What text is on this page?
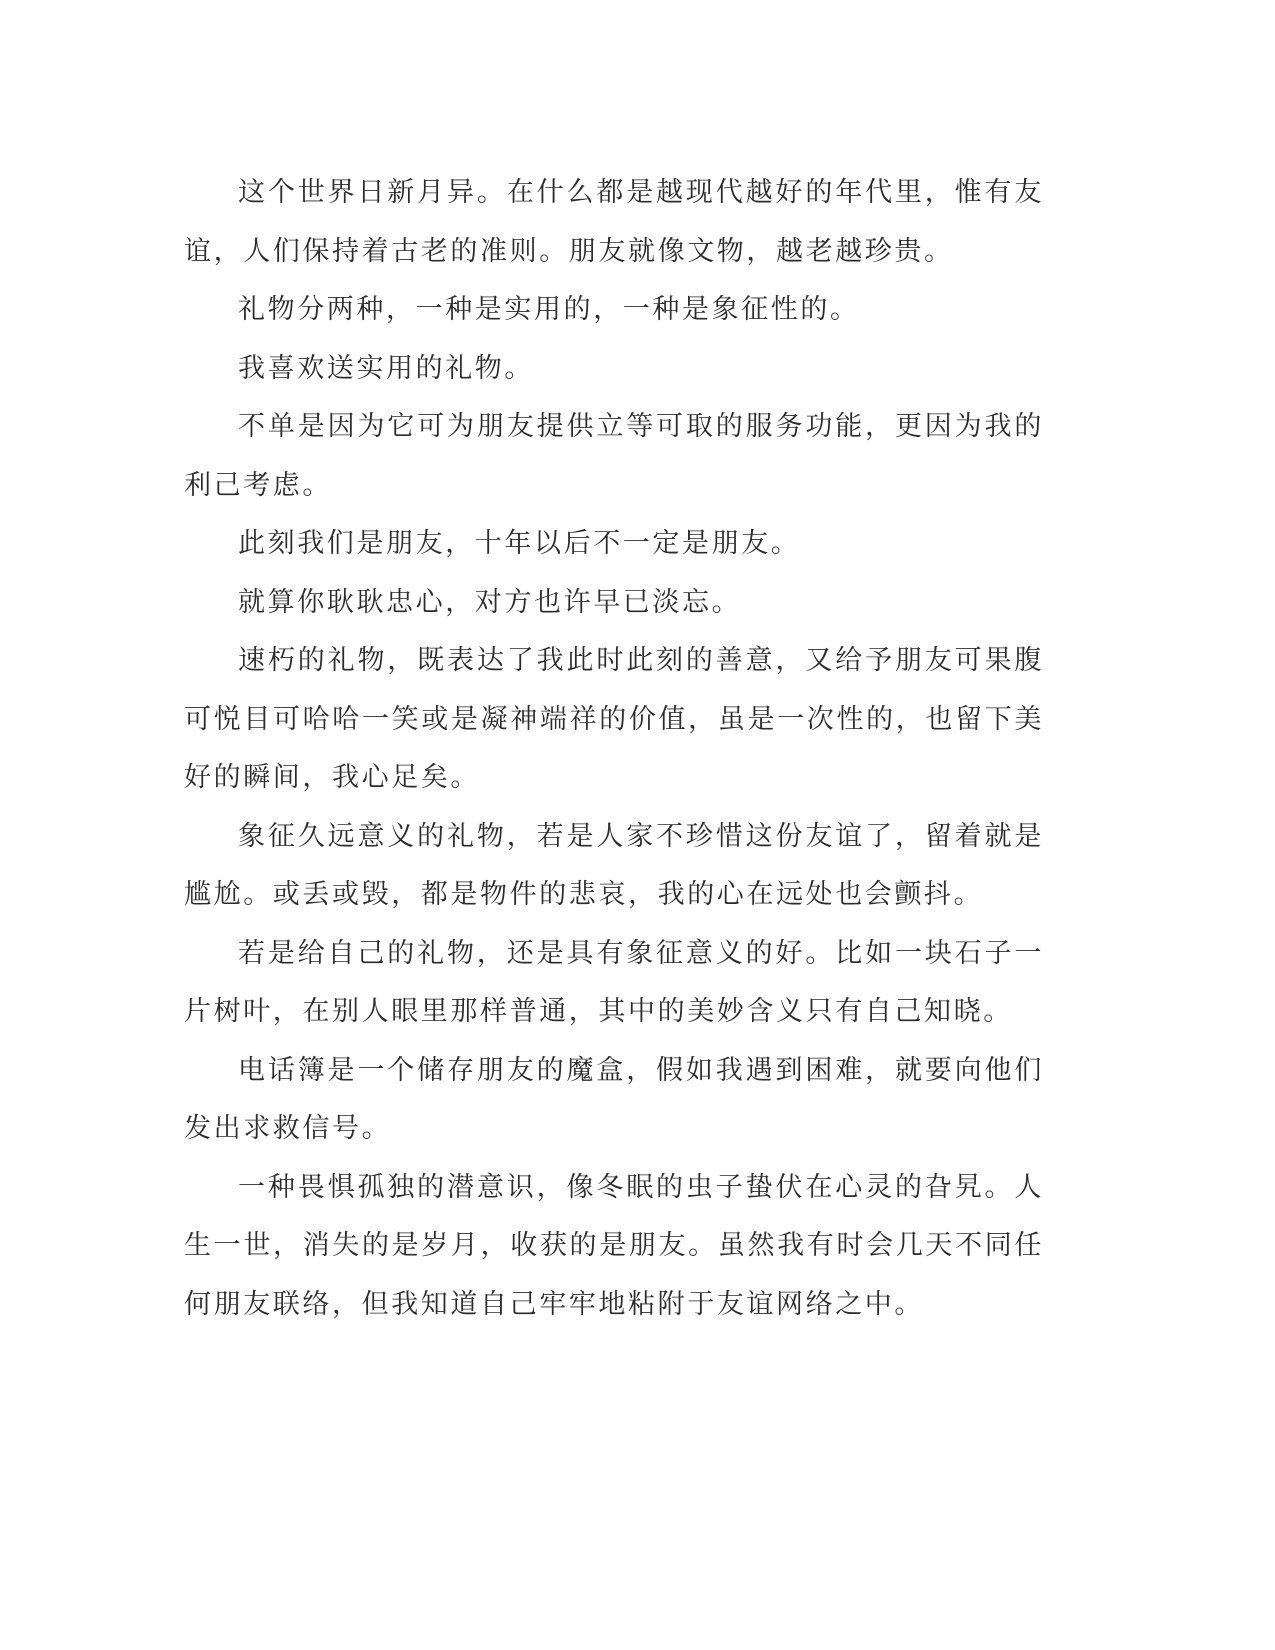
这个世界日新月异。在什么都是越现代越好的年代里，惟有友谊，人们保持着古老的准则。朋友就像文物，越老越珍贵。

礼物分两种，一种是实用的，一种是象征性的。

我喜欢送实用的礼物。

不单是因为它可为朋友提供立等可取的服务功能，更因为我的利己考虑。

此刻我们是朋友，十年以后不一定是朋友。

就算你耿耿忠心，对方也许早已淡忘。

速朽的礼物，既表达了我此时此刻的善意，又给予朋友可果腹可悦目可哈哈一笑或是凝神端祥的价值，虽是一次性的，也留下美好的瞬间，我心足矣。

象征久远意义的礼物，若是人家不珍惜这份友谊了，留着就是尴尬。或丢或毁，都是物件的悲哀，我的心在远处也会颤抖。

若是给自己的礼物，还是具有象征意义的好。比如一块石子一片树叶，在别人眼里那样普通，其中的美妙含义只有自己知晓。

电话簿是一个储存朋友的魔盒，假如我遇到困难，就要向他们发出求救信号。

一种畏惧孤独的潜意识，像冬眠的虫子蛰伏在心灵的旮旯。人生一世，消失的是岁月，收获的是朋友。虽然我有时会几天不同任何朋友联络，但我知道自己牢牢地粘附于友谊网络之中。
